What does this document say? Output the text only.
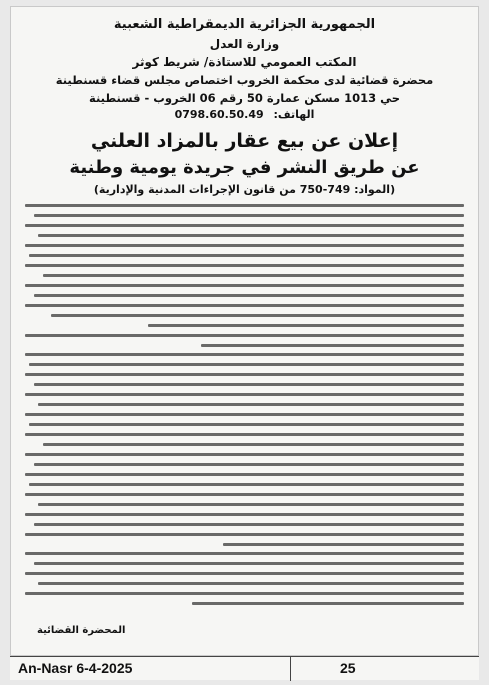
الجمهورية الجزائرية الديمقراطية الشعبية
وزارة العدل
المكتب العمومي للاستاذة/ شريط كوثر
محضرة قضائية لدى محكمة الخروب اختصاص مجلس قضاء قسنطينة
حي 1013 مسكن عمارة 50 رقم 06 الخروب - قسنطينة
الهاتف: 0798.60.50.49
إعلان عن بيع عقار بالمزاد العلني
عن طريق النشر في جريدة يومية وطنية
(المواد: 749-750 من قانون الإجراءات المدنية والإدارية)
المحضرة القضائية
An-Nasr 6-4-2025	25
